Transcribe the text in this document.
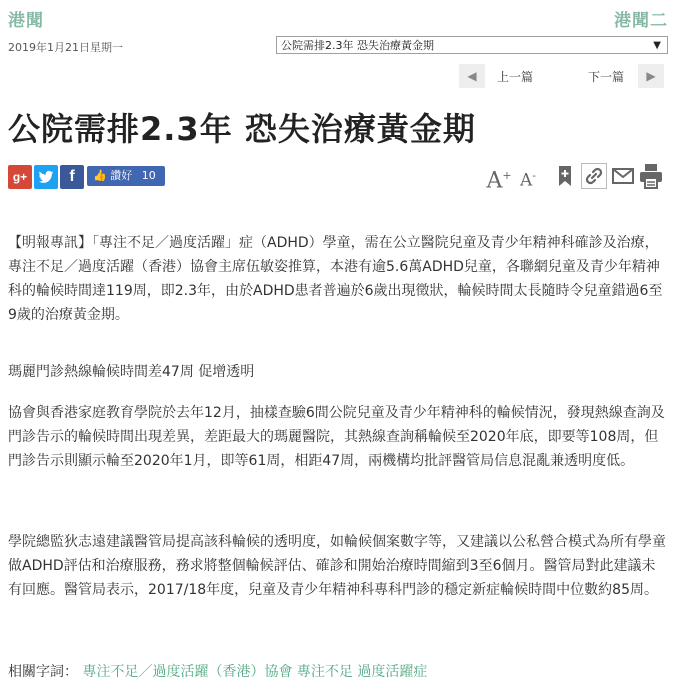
港聞	港聞二
2019年1月21日星期一	公院需排2.3年 恐失治療黃金期	▼
◀	上一篇	下一篇	▶
公院需排2.3年 恐失治療黃金期
g+	f	👍 讚好 10	A+ A-

【明報專訊】「專注不足／過度活躍」症（ADHD）學童，需在公立醫院兒童及青少年精神科確診及治療，專注不足／過度活躍（香港）協會主席伍敏姿推算，本港有逾5.6萬ADHD兒童，各聯網兒童及青少年精神科的輪候時間達119周，即2.3年，由於ADHD患者普遍於6歲出現徵狀，輪候時間太長隨時令兒童錯過6至9歲的治療黃金期。

瑪麗門診熱線輪候時間差47周 促增透明

協會與香港家庭教育學院於去年12月，抽樣查驗6間公院兒童及青少年精神科的輪候情況，發現熱線查詢及門診告示的輪候時間出現差異，差距最大的瑪麗醫院，其熱線查詢稱輪候至2020年底，即要等108周，但門診告示則顯示輪至2020年1月，即等61周，相距47周，兩機構均批評醫管局信息混亂兼透明度低。

學院總監狄志遠建議醫管局提高該科輪候的透明度，如輪候個案數字等，又建議以公私營合模式為所有學童做ADHD評估和治療服務，務求將整個輪候評估、確診和開始治療時間縮到3至6個月。醫管局對此建議未有回應。醫管局表示，2017/18年度，兒童及青少年精神科專科門診的穩定新症輪候時間中位數約85周。

相關字詞： 專注不足／過度活躍（香港）協會 專注不足 過度活躍症
